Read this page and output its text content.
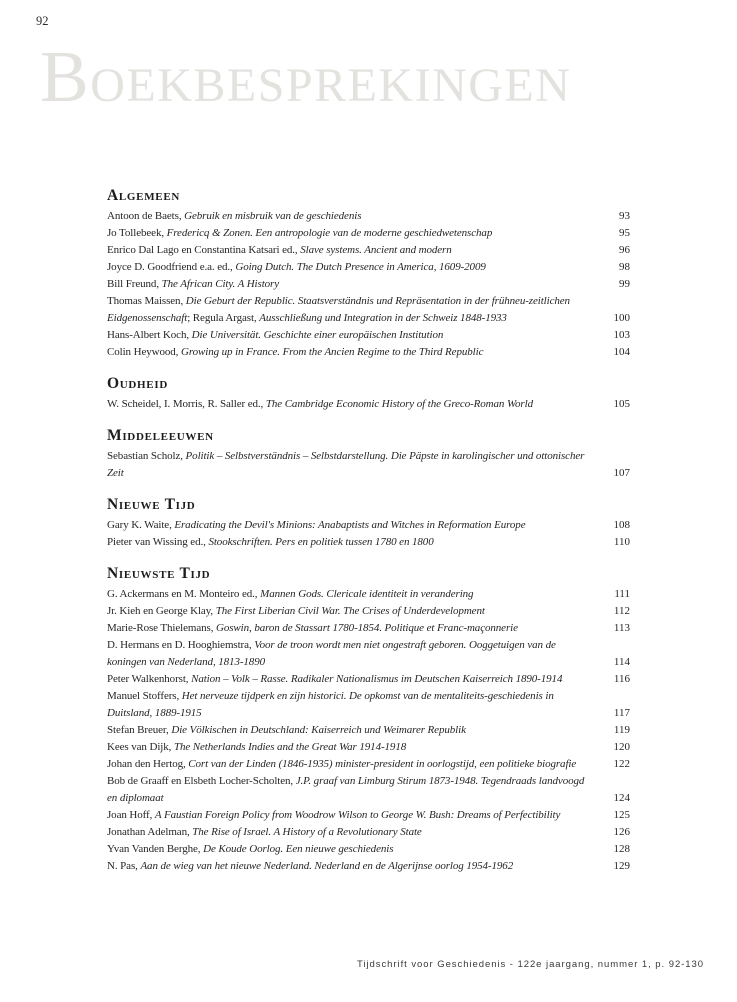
92
BOEKBESPREKINGEN
Algemeen
Antoon de Baets, Gebruik en misbruik van de geschiedenis	93
Jo Tollebeek, Fredericq & Zonen. Een antropologie van de moderne geschiedwetenschap	95
Enrico Dal Lago en Constantina Katsari ed., Slave systems. Ancient and modern	96
Joyce D. Goodfriend e.a. ed., Going Dutch. The Dutch Presence in America, 1609-2009	98
Bill Freund, The African City. A History	99
Thomas Maissen, Die Geburt der Republic. Staatsverständnis und Repräsentation in der frühneu-zeitlichen Eidgenossenschaft; Regula Argast, Ausschließung und Integration in der Schweiz 1848-1933	100
Hans-Albert Koch, Die Universität. Geschichte einer europäischen Institution	103
Colin Heywood, Growing up in France. From the Ancien Regime to the Third Republic	104
Oudheid
W. Scheidel, I. Morris, R. Saller ed., The Cambridge Economic History of the Greco-Roman World	105
Middeleeuwen
Sebastian Scholz, Politik – Selbstverständnis – Selbstdarstellung. Die Päpste in karolingischer und ottonischer Zeit	107
Nieuwe Tijd
Gary K. Waite, Eradicating the Devil's Minions: Anabaptists and Witches in Reformation Europe	108
Pieter van Wissing ed., Stookschriften. Pers en politiek tussen 1780 en 1800	110
Nieuwste Tijd
G. Ackermans en M. Monteiro ed., Mannen Gods. Clericale identiteit in verandering	111
Jr. Kieh en George Klay, The First Liberian Civil War. The Crises of Underdevelopment	112
Marie-Rose Thielemans, Goswin, baron de Stassart 1780-1854. Politique et Franc-maçonnerie	113
D. Hermans en D. Hooghiemstra, Voor de troon wordt men niet ongestraft geboren. Ooggetuigen van de koningen van Nederland, 1813-1890	114
Peter Walkenhorst, Nation – Volk – Rasse. Radikaler Nationalismus im Deutschen Kaiserreich 1890-1914	116
Manuel Stoffers, Het nerveuze tijdperk en zijn historici. De opkomst van de mentaliteits-geschiedenis in Duitsland, 1889-1915	117
Stefan Breuer, Die Völkischen in Deutschland: Kaiserreich und Weimarer Republik	119
Kees van Dijk, The Netherlands Indies and the Great War 1914-1918	120
Johan den Hertog, Cort van der Linden (1846-1935) minister-president in oorlogstijd, een politieke biografie	122
Bob de Graaff en Elsbeth Locher-Scholten, J.P. graaf van Limburg Stirum 1873-1948. Tegendraads landvoogd en diplomaat	124
Joan Hoff, A Faustian Foreign Policy from Woodrow Wilson to George W. Bush: Dreams of Perfectibility	125
Jonathan Adelman, The Rise of Israel. A History of a Revolutionary State	126
Yvan Vanden Berghe, De Koude Oorlog. Een nieuwe geschiedenis	128
N. Pas, Aan de wieg van het nieuwe Nederland. Nederland en de Algerijnse oorlog 1954-1962	129
Tijdschrift voor Geschiedenis - 122e jaargang, nummer 1, p. 92-130
